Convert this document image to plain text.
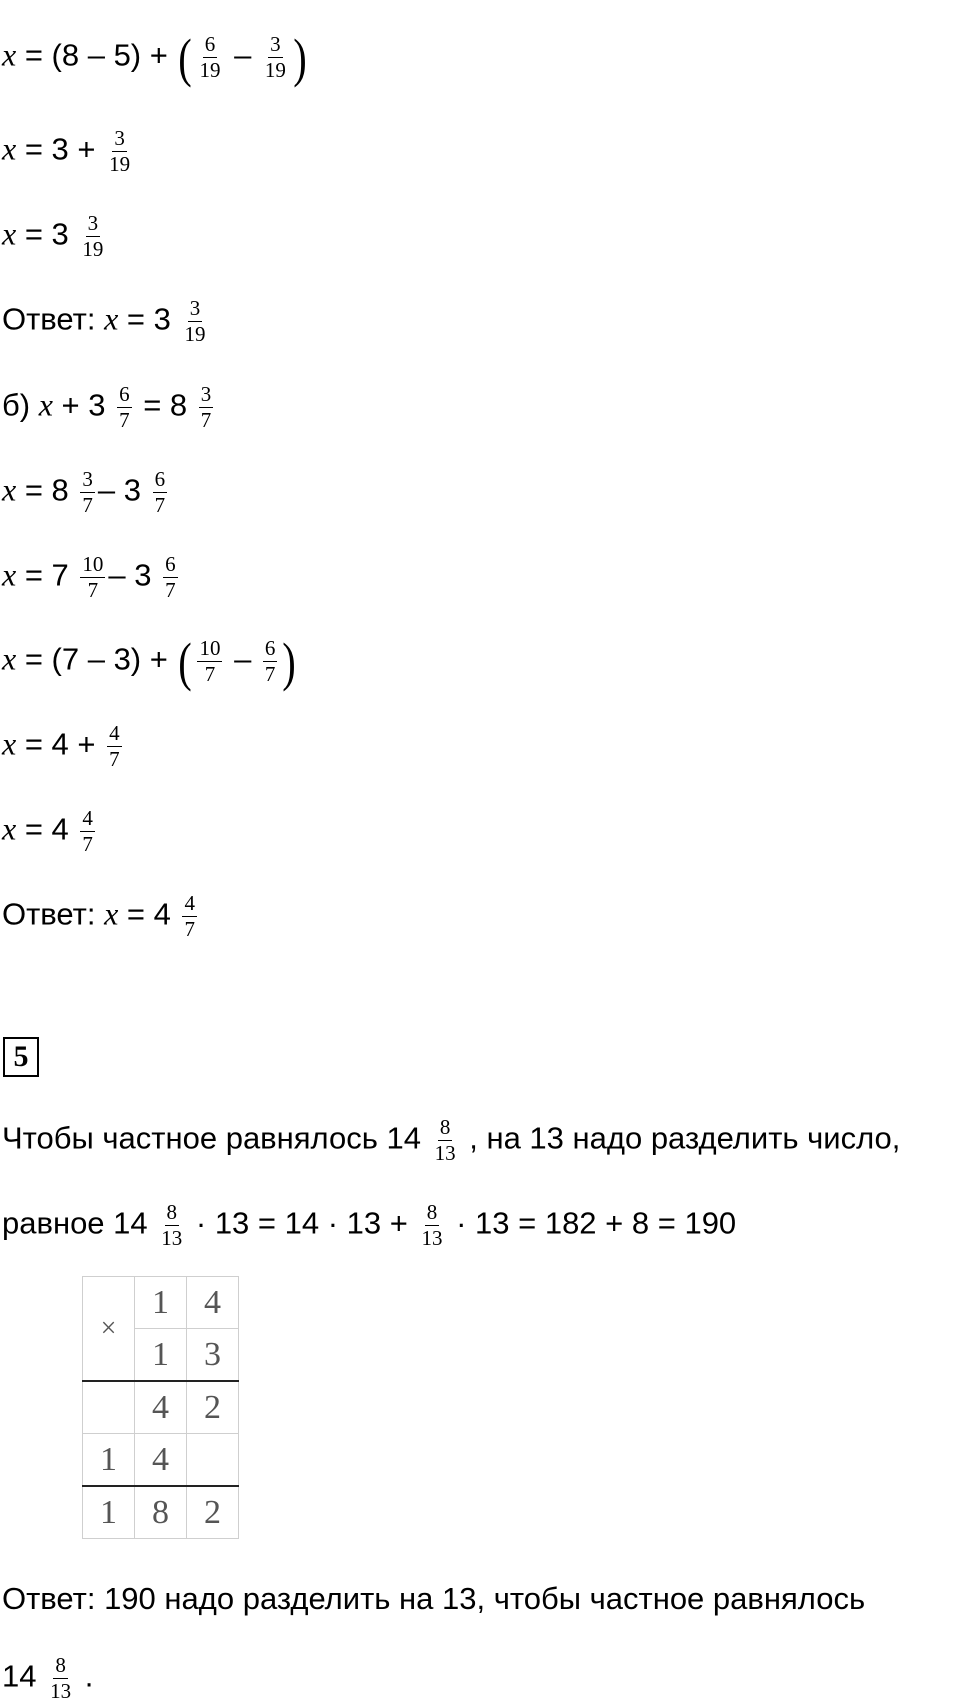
x = (8 – 5) + ( $\frac{6}{19} - \frac{3}{19}$ )
$x = 3 + \frac{3}{19}$
$x = 3 \frac{3}{19}$
Ответ: $x = 3 \frac{3}{19}$
б) $x + 3 \frac{6}{7} = 8 \frac{3}{7}$
$x = 8 \frac{3}{7} - 3 \frac{6}{7}$
$x = 7 \frac{10}{7} - 3 \frac{6}{7}$
x = (7 – 3) + ( $\frac{10}{7} - \frac{6}{7}$ )
$x = 4 + \frac{4}{7}$
$x = 4 \frac{4}{7}$
Ответ: $x = 4 \frac{4}{7}$
5
Чтобы частное равнялось $14 \frac{8}{13}$ , на 13 надо разделить число,
равное $14 \frac{8}{13} \cdot 13 = 14 \cdot 13 + \frac{8}{13} \cdot 13 = 182 + 8 = 190$
×	1	4
	1	3
	4	2
1	4	
1	8	2
Ответ: 190 надо разделить на 13, чтобы частное равнялось
$14 \frac{8}{13}$ .
